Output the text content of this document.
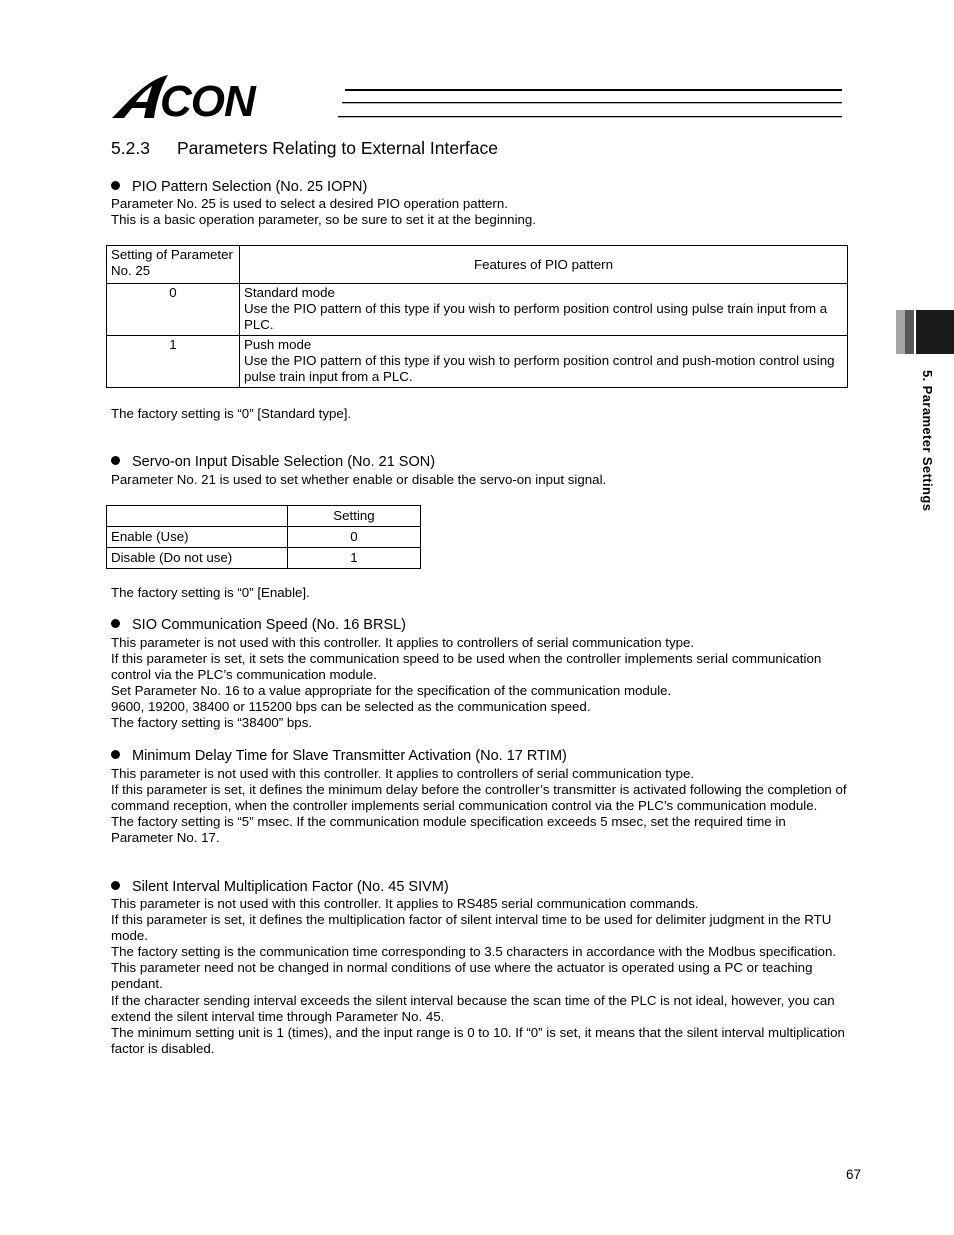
CON
5.2.3 Parameters Relating to External Interface
PIO Pattern Selection (No. 25 IOPN)

Parameter No. 25 is used to select a desired PIO operation pattern.

This is a basic operation parameter, so be sure to set it at the beginning.

Setting of Parameter No. 25	Features of PIO pattern
0	Standard mode
Use the PIO pattern of this type if you wish to perform position control using pulse train input from a PLC.

1	Push mode
Use the PIO pattern of this type if you wish to perform position control and push-motion control using pulse train input from a PLC.

The factory setting is “0” [Standard type].

Servo-on Input Disable Selection (No. 21 SON)

Parameter No. 21 is used to set whether enable or disable the servo-on input signal.

	Setting
Enable (Use)	0
Disable (Do not use)	1

The factory setting is “0” [Enable].

SIO Communication Speed (No. 16 BRSL)

This parameter is not used with this controller. It applies to controllers of serial communication type.

If this parameter is set, it sets the communication speed to be used when the controller implements serial communication control via the PLC’s communication module.

Set Parameter No. 16 to a value appropriate for the specification of the communication module.

9600, 19200, 38400 or 115200 bps can be selected as the communication speed.

The factory setting is “38400” bps.

Minimum Delay Time for Slave Transmitter Activation (No. 17 RTIM)

This parameter is not used with this controller. It applies to controllers of serial communication type.

If this parameter is set, it defines the minimum delay before the controller’s transmitter is activated following the completion of command reception, when the controller implements serial communication control via the PLC’s communication module.

The factory setting is “5” msec. If the communication module specification exceeds 5 msec, set the required time in Parameter No. 17.

Silent Interval Multiplication Factor (No. 45 SIVM)

This parameter is not used with this controller. It applies to RS485 serial communication commands.

If this parameter is set, it defines the multiplication factor of silent interval time to be used for delimiter judgment in the RTU mode.

The factory setting is the communication time corresponding to 3.5 characters in accordance with the Modbus specification.

This parameter need not be changed in normal conditions of use where the actuator is operated using a PC or teaching pendant.

If the character sending interval exceeds the silent interval because the scan time of the PLC is not ideal, however, you can extend the silent interval time through Parameter No. 45.

The minimum setting unit is 1 (times), and the input range is 0 to 10. If “0” is set, it means that the silent interval multiplication factor is disabled.

5. Parameter Settings
67
